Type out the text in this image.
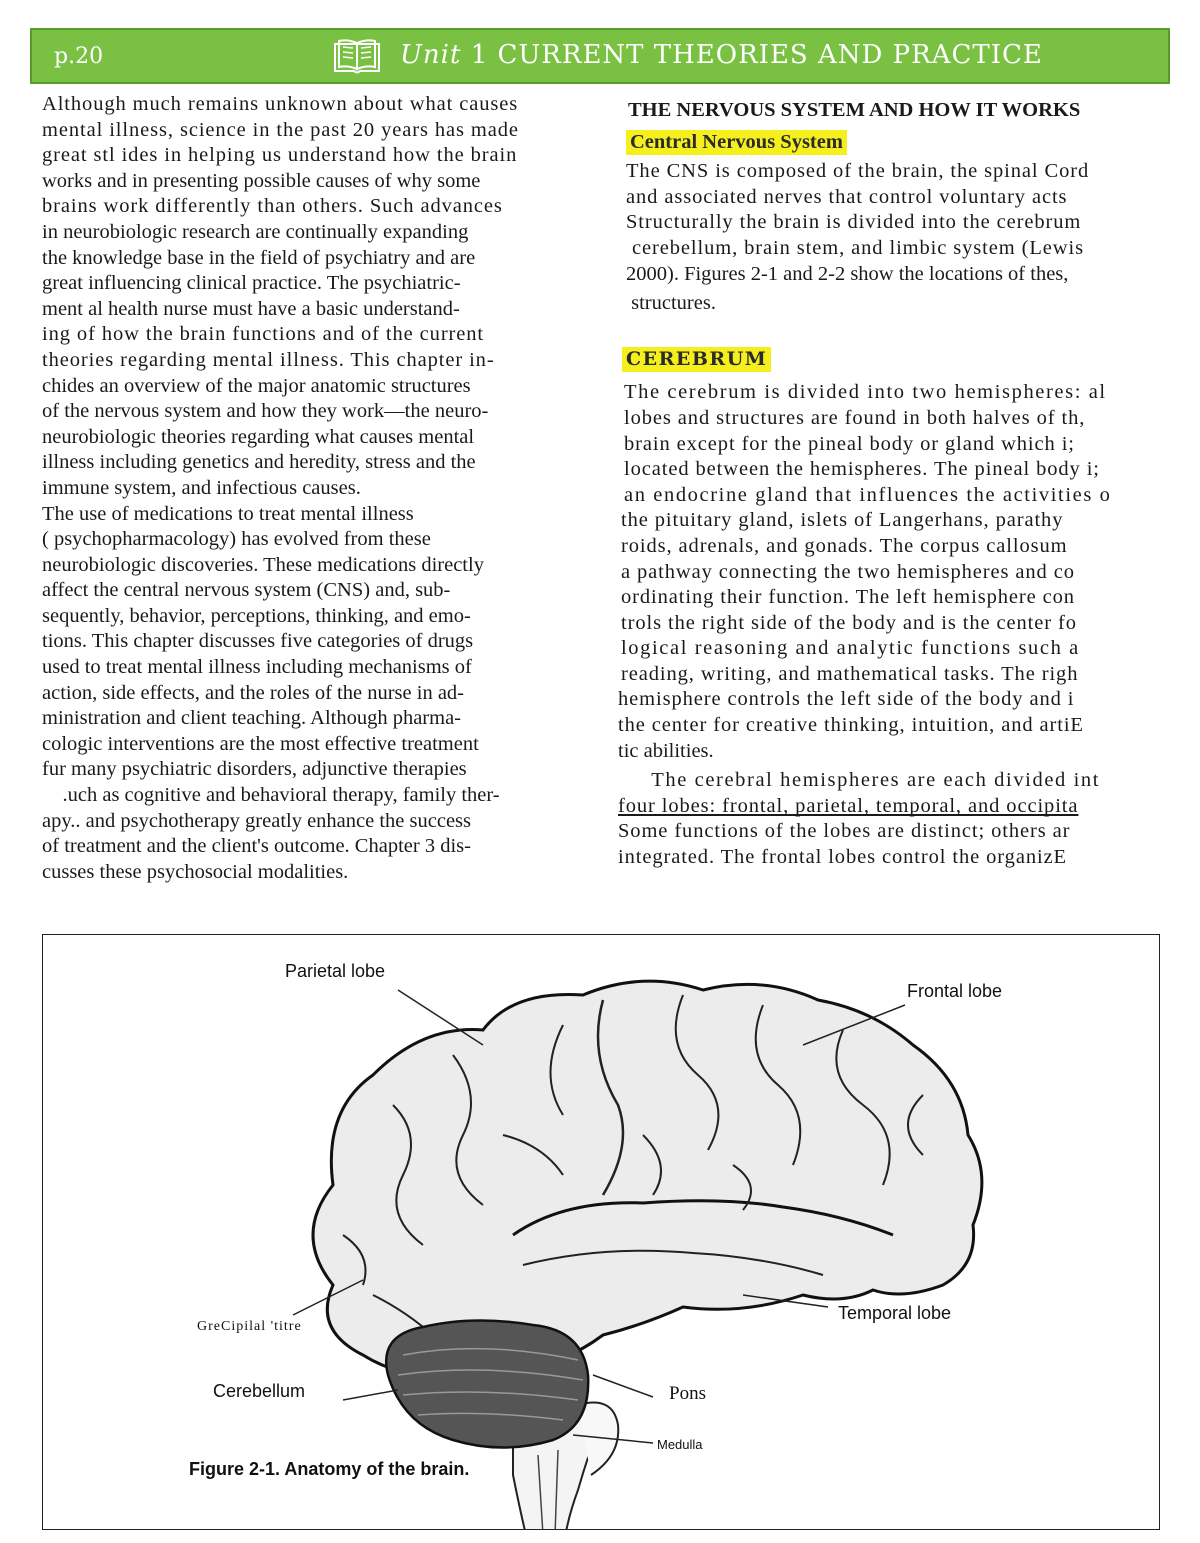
p.20	Unit 1 CURRENT THEORIES AND PRACTICE

Although much remains unknown about what causes

mental illness, science in the past 20 years has made

great stl ides in helping us understand how the brain

works and in presenting possible causes of why some

brains work differently than others. Such advances

in neurobiologic research are continually expanding

the knowledge base in the field of psychiatry and are

great influencing clinical practice. The psychiatric-

ment al health nurse must have a basic understand-

ing of how the brain functions and of the current

theories regarding mental illness. This chapter in-

chides an overview of the major anatomic structures

of the nervous system and how they work—the neuro-

neurobiologic theories regarding what causes mental

illness including genetics and heredity, stress and the

immune system, and infectious causes.

The use of medications to treat mental illness

( psychopharmacology) has evolved from these

neurobiologic discoveries. These medications directly

affect the central nervous system (CNS) and, sub-

sequently, behavior, perceptions, thinking, and emo-

tions. This chapter discusses five categories of drugs

used to treat mental illness including mechanisms of

action, side effects, and the roles of the nurse in ad-

ministration and client teaching. Although pharma-

cologic interventions are the most effective treatment

fur many psychiatric disorders, adjunctive therapies

.uch as cognitive and behavioral therapy, family ther-

apy.. and psychotherapy greatly enhance the success

of treatment and the client's outcome. Chapter 3 dis-

cusses these psychosocial modalities.

THE NERVOUS SYSTEM AND HOW IT WORKS

Central Nervous System

The CNS is composed of the brain, the spinal Cord

and associated nerves that control voluntary acts

Structurally the brain is divided into the cerebrum

cerebellum, brain stem, and limbic system (Lewis

2000). Figures 2-1 and 2-2 show the locations of thes,

structures.

CEREBRUM

The cerebrum is divided into two hemispheres: al

lobes and structures are found in both halves of th,

brain except for the pineal body or gland which i;

located between the hemispheres. The pineal body i;

an endocrine gland that influences the activities o

the pituitary gland, islets of Langerhans, parathy

roids, adrenals, and gonads. The corpus callosum

a pathway connecting the two hemispheres and co

ordinating their function. The left hemisphere con

trols the right side of the body and is the center fo

logical reasoning and analytic functions such a

reading, writing, and mathematical tasks. The righ

hemisphere controls the left side of the body and i

the center for creative thinking, intuition, and artiE

tic abilities.

The cerebral hemispheres are each divided int

four lobes: frontal, parietal, temporal, and occipita

Some functions of the lobes are distinct; others ar

integrated. The frontal lobes control the organizE

Parietal lobe
Frontal lobe
Temporal lobe
GreCipilal 'titre
Cerebellum	Pons
Medulla
Figure 2-1. Anatomy of the brain.
